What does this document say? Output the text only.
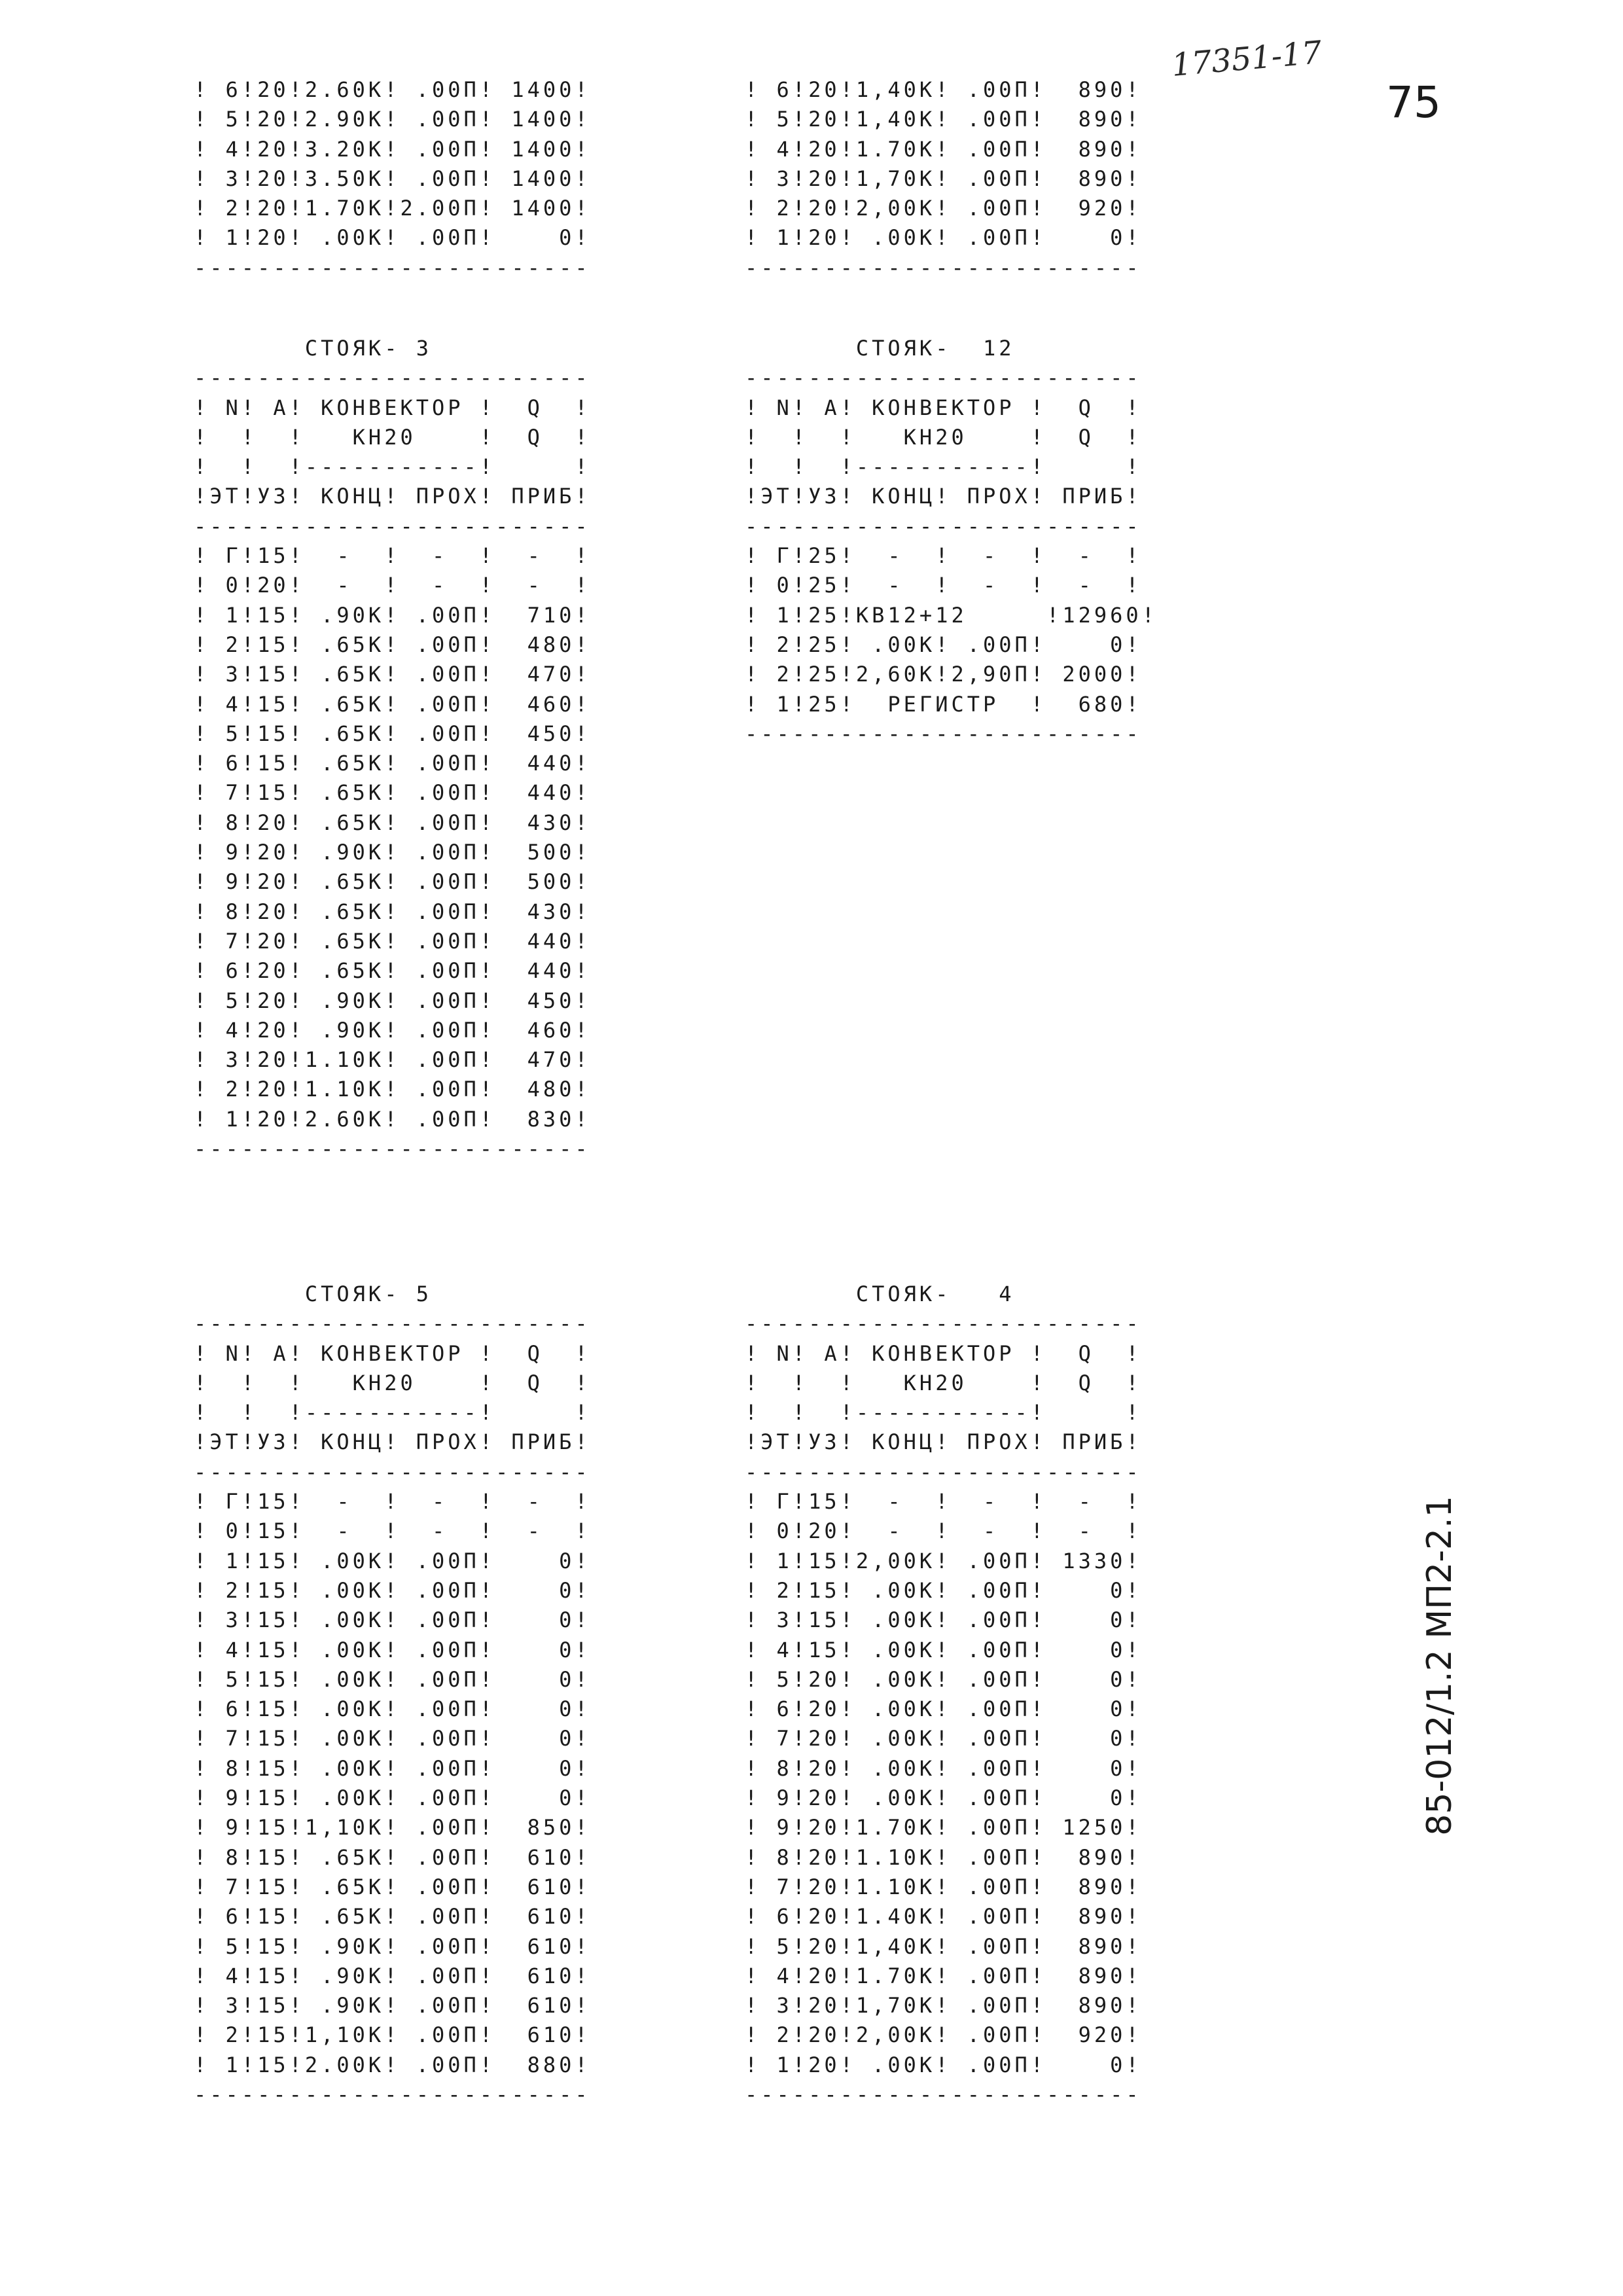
17351-17
75
85-012/1.2 МП2-2.1
! 6!20!2.60К! .00П! 1400!
! 5!20!2.90К! .00П! 1400!
! 4!20!3.20К! .00П! 1400!
! 3!20!3.50К! .00П! 1400!
! 2!20!1.70К!2.00П! 1400!
! 1!20! .00К! .00П!    0!
-------------------------
! 6!20!1,40К! .00П!  890!
! 5!20!1,40К! .00П!  890!
! 4!20!1.70К! .00П!  890!
! 3!20!1,70К! .00П!  890!
! 2!20!2,00К! .00П!  920!
! 1!20! .00К! .00П!    0!
-------------------------
СТОЯК- 3
-------------------------
! N! А! КОНВЕКТОР !  Q  !
!  !  !   КН20    !  Q  !
!  !  !-----------!     !
!ЭТ!УЗ! КОНЦ! ПРОХ! ПРИБ!
-------------------------
! Г!15!  -  !  -  !  -  !
! 0!20!  -  !  -  !  -  !
! 1!15! .90К! .00П!  710!
! 2!15! .65К! .00П!  480!
! 3!15! .65К! .00П!  470!
! 4!15! .65К! .00П!  460!
! 5!15! .65К! .00П!  450!
! 6!15! .65К! .00П!  440!
! 7!15! .65К! .00П!  440!
! 8!20! .65К! .00П!  430!
! 9!20! .90К! .00П!  500!
! 9!20! .65К! .00П!  500!
! 8!20! .65К! .00П!  430!
! 7!20! .65К! .00П!  440!
! 6!20! .65К! .00П!  440!
! 5!20! .90К! .00П!  450!
! 4!20! .90К! .00П!  460!
! 3!20!1.10К! .00П!  470!
! 2!20!1.10К! .00П!  480!
! 1!20!2.60К! .00П!  830!
-------------------------
СТОЯК-  12
-------------------------
! N! А! КОНВЕКТОР !  Q  !
!  !  !   КН20    !  Q  !
!  !  !-----------!     !
!ЭТ!УЗ! КОНЦ! ПРОХ! ПРИБ!
-------------------------
! Г!25!  -  !  -  !  -  !
! 0!25!  -  !  -  !  -  !
! 1!25!КВ12+12     !12960!
! 2!25! .00К! .00П!    0!
! 2!25!2,60К!2,90П! 2000!
! 1!25!  РЕГИСТР  !  680!
-------------------------
СТОЯК- 5
-------------------------
! N! А! КОНВЕКТОР !  Q  !
!  !  !   КН20    !  Q  !
!  !  !-----------!     !
!ЭТ!УЗ! КОНЦ! ПРОХ! ПРИБ!
-------------------------
! Г!15!  -  !  -  !  -  !
! 0!15!  -  !  -  !  -  !
! 1!15! .00К! .00П!    0!
! 2!15! .00К! .00П!    0!
! 3!15! .00К! .00П!    0!
! 4!15! .00К! .00П!    0!
! 5!15! .00К! .00П!    0!
! 6!15! .00К! .00П!    0!
! 7!15! .00К! .00П!    0!
! 8!15! .00К! .00П!    0!
! 9!15! .00К! .00П!    0!
! 9!15!1,10К! .00П!  850!
! 8!15! .65К! .00П!  610!
! 7!15! .65К! .00П!  610!
! 6!15! .65К! .00П!  610!
! 5!15! .90К! .00П!  610!
! 4!15! .90К! .00П!  610!
! 3!15! .90К! .00П!  610!
! 2!15!1,10К! .00П!  610!
! 1!15!2.00К! .00П!  880!
-------------------------
СТОЯК-   4
-------------------------
! N! А! КОНВЕКТОР !  Q  !
!  !  !   КН20    !  Q  !
!  !  !-----------!     !
!ЭТ!УЗ! КОНЦ! ПРОХ! ПРИБ!
-------------------------
! Г!15!  -  !  -  !  -  !
! 0!20!  -  !  -  !  -  !
! 1!15!2,00К! .00П! 1330!
! 2!15! .00К! .00П!    0!
! 3!15! .00К! .00П!    0!
! 4!15! .00К! .00П!    0!
! 5!20! .00К! .00П!    0!
! 6!20! .00К! .00П!    0!
! 7!20! .00К! .00П!    0!
! 8!20! .00К! .00П!    0!
! 9!20! .00К! .00П!    0!
! 9!20!1.70К! .00П! 1250!
! 8!20!1.10К! .00П!  890!
! 7!20!1.10К! .00П!  890!
! 6!20!1.40К! .00П!  890!
! 5!20!1,40К! .00П!  890!
! 4!20!1.70К! .00П!  890!
! 3!20!1,70К! .00П!  890!
! 2!20!2,00К! .00П!  920!
! 1!20! .00К! .00П!    0!
-------------------------
